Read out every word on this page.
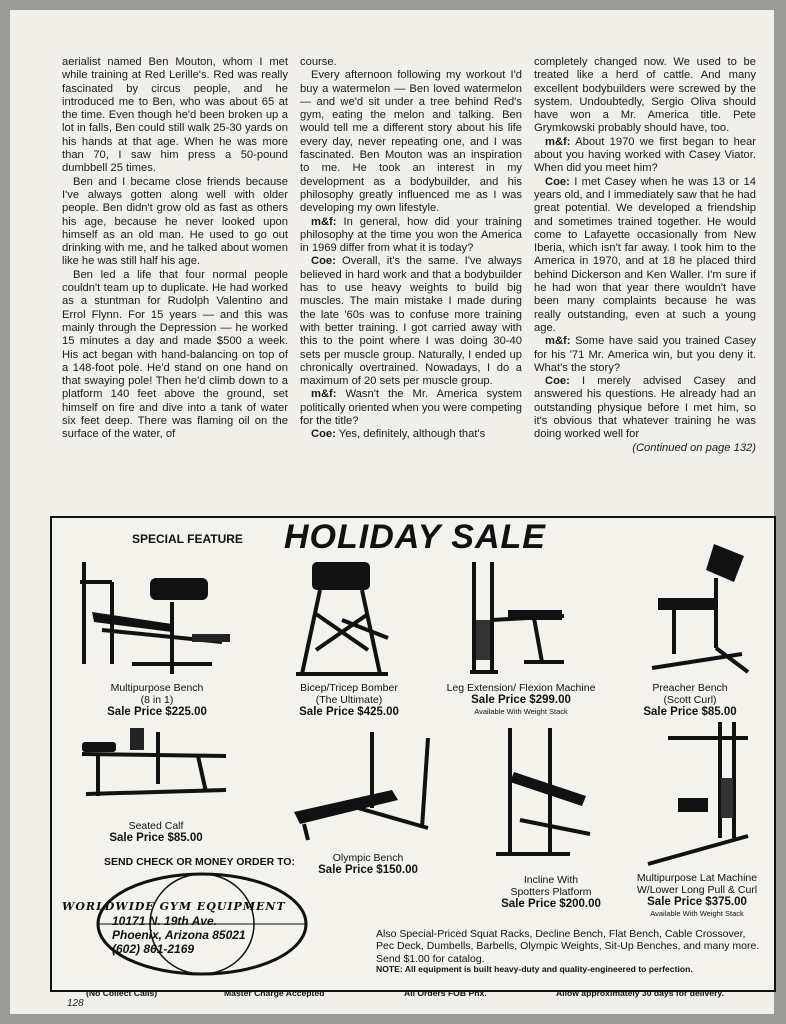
aerialist named Ben Mouton, whom I met while training at Red Lerille's. Red was really fascinated by circus people, and he introduced me to Ben, who was about 65 at the time. Even though he'd been broken up a lot in falls, Ben could still walk 25-30 yards on his hands at that age. When he was more than 70, I saw him press a 50-pound dumbbell 25 times.

Ben and I became close friends because I've always gotten along well with older people. Ben didn't grow old as fast as others his age, because he never looked upon himself as an old man. He used to go out drinking with me, and he talked about women like he was still half his age.

Ben led a life that four normal people couldn't team up to duplicate. He had worked as a stuntman for Rudolph Valentino and Errol Flynn. For 15 years — and this was mainly through the Depression — he worked 15 minutes a day and made $500 a week. His act began with hand-balancing on top of a 148-foot pole. He'd stand on one hand on that swaying pole! Then he'd climb down to a platform 140 feet above the ground, set himself on fire and dive into a tank of water six feet deep. There was flaming oil on the surface of the water, of

course.

Every afternoon following my workout I'd buy a watermelon — Ben loved watermelon — and we'd sit under a tree behind Red's gym, eating the melon and talking. Ben would tell me a different story about his life every day, never repeating one, and I was fascinated. Ben Mouton was an inspiration to me. He took an interest in my development as a bodybuilder, and his philosophy greatly influenced me as I was developing my own lifestyle.

m&f: In general, how did your training philosophy at the time you won the America in 1969 differ from what it is today?

Coe: Overall, it's the same. I've always believed in hard work and that a bodybuilder has to use heavy weights to build big muscles. The main mistake I made during the late '60s was to confuse more training with better training. I got carried away with this to the point where I was doing 30-40 sets per muscle group. Naturally, I ended up chronically overtrained. Nowadays, I do a maximum of 20 sets per muscle group.

m&f: Wasn't the Mr. America system politically oriented when you were competing for the title?

Coe: Yes, definitely, although that's

completely changed now. We used to be treated like a herd of cattle. And many excellent bodybuilders were screwed by the system. Undoubtedly, Sergio Oliva should have won a Mr. America title. Pete Grymkowski probably should have, too.

m&f: About 1970 we first began to hear about you having worked with Casey Viator. When did you meet him?

Coe: I met Casey when he was 13 or 14 years old, and I immediately saw that he had great potential. We developed a friendship and sometimes trained together. He would come to Lafayette occasionally from New Iberia, which isn't far away. I took him to the America in 1970, and at 18 he placed third behind Dickerson and Ken Waller. I'm sure if he had won that year there wouldn't have been many complaints because he was really outstanding, even at such a young age.

m&f: Some have said you trained Casey for his '71 Mr. America win, but you deny it. What's the story?

Coe: I merely advised Casey and answered his questions. He already had an outstanding physique before I met him, so it's obvious that whatever training he was doing worked well for

(Continued on page 132)

SPECIAL FEATURE HOLIDAY SALE
Multipurpose Bench
(8 in 1)
Sale Price $225.00
Bicep/Tricep Bomber
(The Ultimate)
Sale Price $425.00
Leg Extension/ Flexion Machine
Sale Price $299.00
Available With Weight Stack
Preacher Bench
(Scott Curl)
Sale Price $85.00
Seated Calf
Sale Price $85.00
Olympic Bench
Sale Price $150.00
Incline With
Spotters Platform
Sale Price $200.00
Multipurpose Lat Machine
W/Lower Long Pull & Curl
Sale Price $375.00
Available With Weight Stack
SEND CHECK OR MONEY ORDER TO:
WORLDWIDE GYM EQUIPMENT
10171 N. 19th Ave.
Phoenix, Arizona 85021
(602) 861-2169
Also Special-Priced Squat Racks, Decline Bench, Flat Bench, Cable Crossover, Pec Deck, Dumbells, Barbells, Olympic Weights, Sit-Up Benches, and many more. Send $1.00 for catalog.
NOTE: All equipment is built heavy-duty and quality-engineered to perfection.
(No Collect Calls)	Master Charge Accepted	All Orders FOB Phx.	Allow approximately 30 days for delivery.
128
